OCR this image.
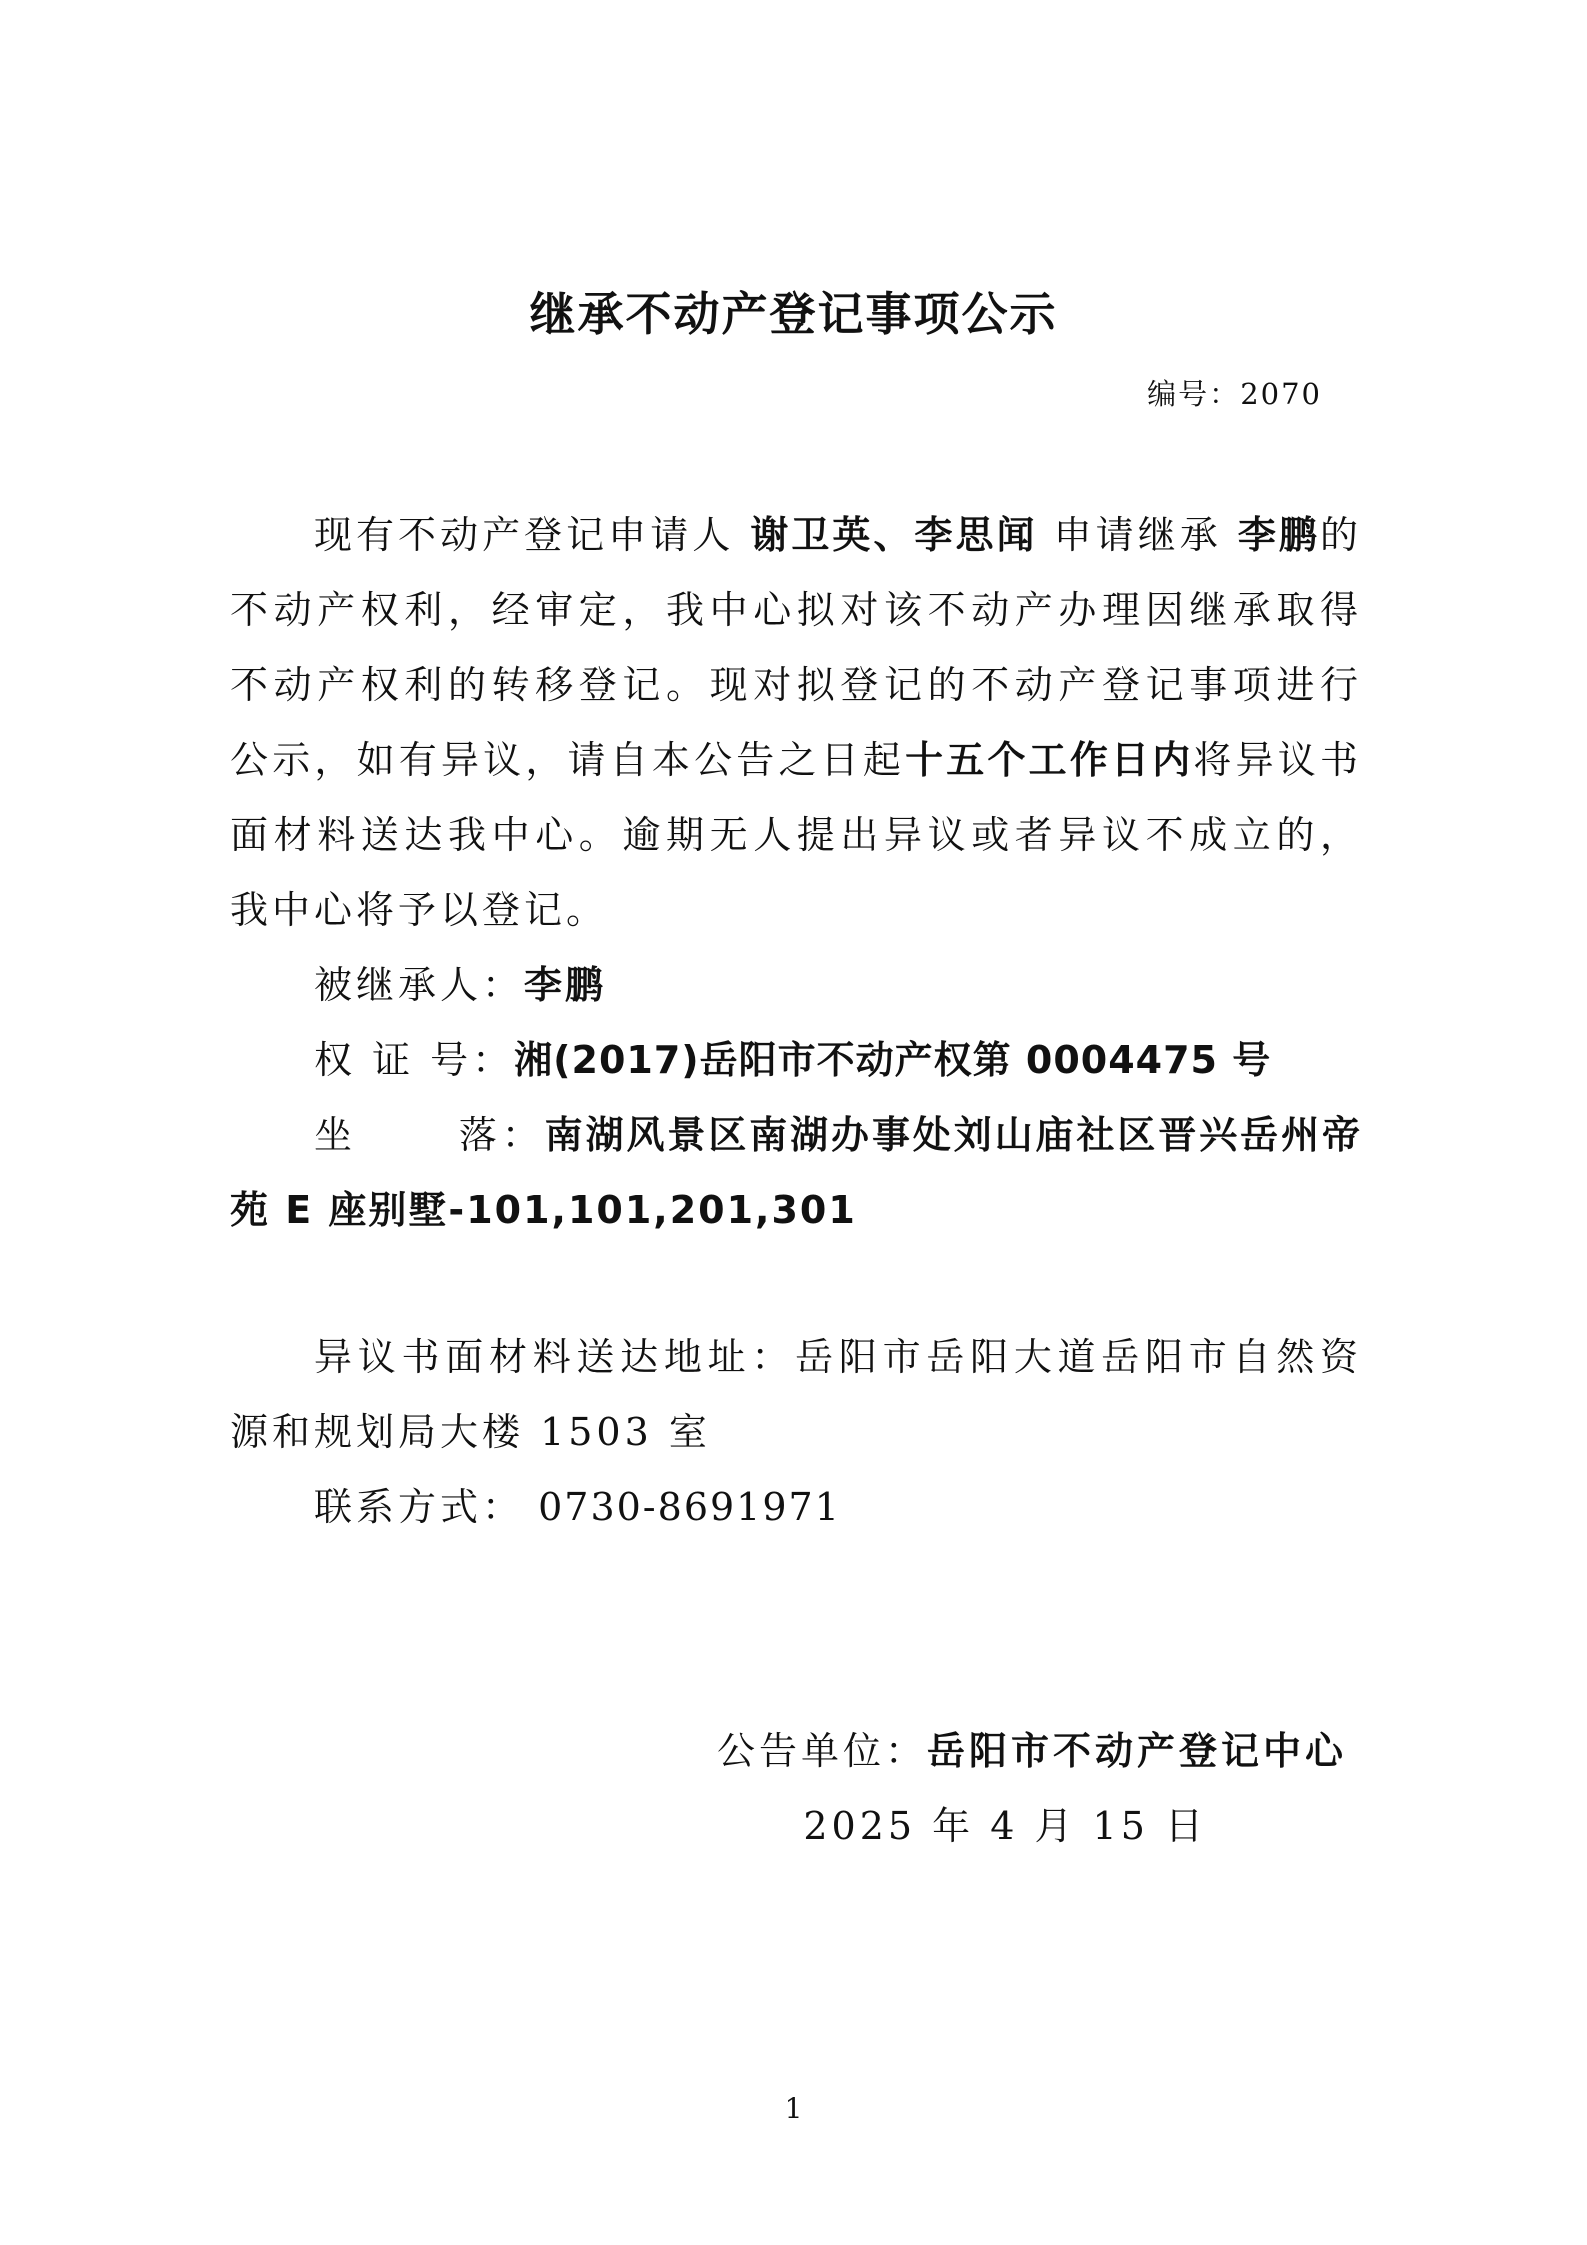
继承不动产登记事项公示
编号：2070

现有不动产登记申请人 谢卫英、李思闻 申请继承 李鹏的不动产权利，经审定，我中心拟对该不动产办理因继承取得不动产权利的转移登记。现对拟登记的不动产登记事项进行公示，如有异议，请自本公告之日起十五个工作日内将异议书面材料送达我中心。逾期无人提出异议或者异议不成立的，我中心将予以登记。

被继承人：李鹏

权 证 号：湘(2017)岳阳市不动产权第 0004475 号

坐      落：南湖风景区南湖办事处刘山庙社区晋兴岳州帝苑 E 座别墅-101,101,201,301

异议书面材料送达地址：岳阳市岳阳大道岳阳市自然资源和规划局大楼 1503 室

联系方式： 0730-8691971

公告单位：岳阳市不动产登记中心
2025 年 4 月 15 日
1
